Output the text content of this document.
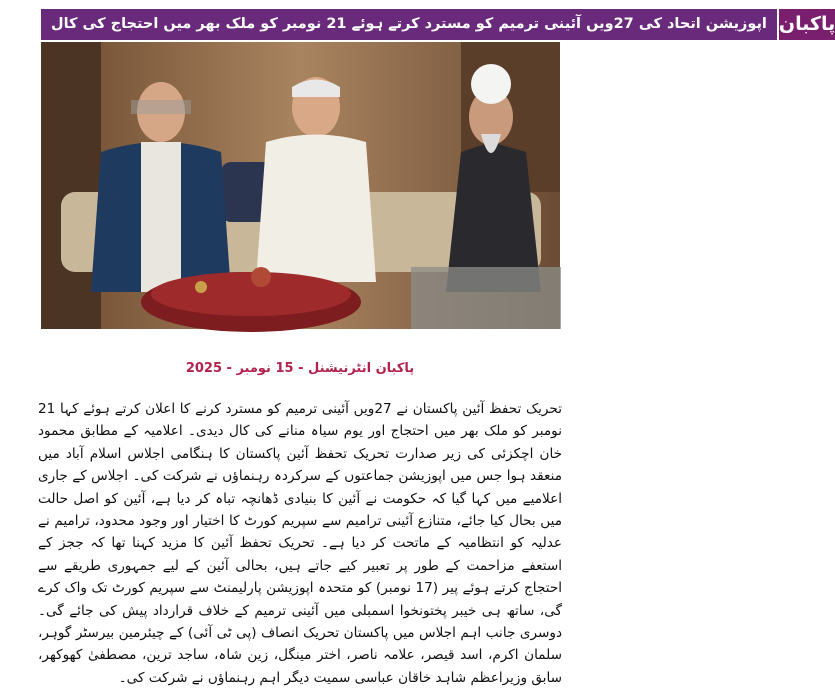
اپوزیشن اتحاد کی 27ویں آئینی ترمیم کو مسترد کرتے ہوئے 21 نومبر کو ملک بھر میں احتجاج کی کال پاکبان
پاکبان انٹرنیشنل - 15 نومبر - 2025
تحریک تحفظ آئین پاکستان نے 27ویں آئینی ترمیم کو مسترد کرنے کا اعلان کرتے ہوئے کہا 21 نومبر کو ملک بھر میں احتجاج اور یوم سیاہ منانے کی کال دیدی۔ اعلامیہ کے مطابق محمود خان اچکزئی کی زیر صدارت تحریک تحفظ آئین پاکستان کا ہنگامی اجلاس اسلام آباد میں منعقد ہوا جس میں اپوزیشن جماعتوں کے سرکردہ رہنماؤں نے شرکت کی۔ اجلاس کے جاری اعلامیے میں کہا گیا کہ حکومت نے آئین کا بنیادی ڈھانچہ تباہ کر دیا ہے، آئین کو اصل حالت میں بحال کیا جائے، متنازع آئینی ترامیم سے سپریم کورٹ کا اختیار اور وجود محدود، ترامیم نے عدلیہ کو انتظامیہ کے ماتحت کر دیا ہے۔ تحریک تحفظ آئین کا مزید کہنا تھا کہ ججز کے استعفے مزاحمت کے طور پر تعبیر کیے جاتے ہیں، بحالی آئین کے لیے جمہوری طریقے سے احتجاج کرتے ہوئے پیر (17 نومبر) کو متحدہ اپوزیشن پارلیمنٹ سے سپریم کورٹ تک واک کرے گی، ساتھ ہی خیبر پختونخوا اسمبلی میں آئینی ترمیم کے خلاف قرارداد پیش کی جائے گی۔ دوسری جانب اہم اجلاس میں پاکستان تحریک انصاف (پی ٹی آئی) کے چیئرمین بیرسٹر گوہر، سلمان اکرم، اسد قیصر، علامہ ناصر، اختر مینگل، زین شاہ، ساجد ترین، مصطفیٰ کھوکھر، سابق وزیراعظم شاہد خاقان عباسی سمیت دیگر اہم رہنماؤں نے شرکت کی۔
